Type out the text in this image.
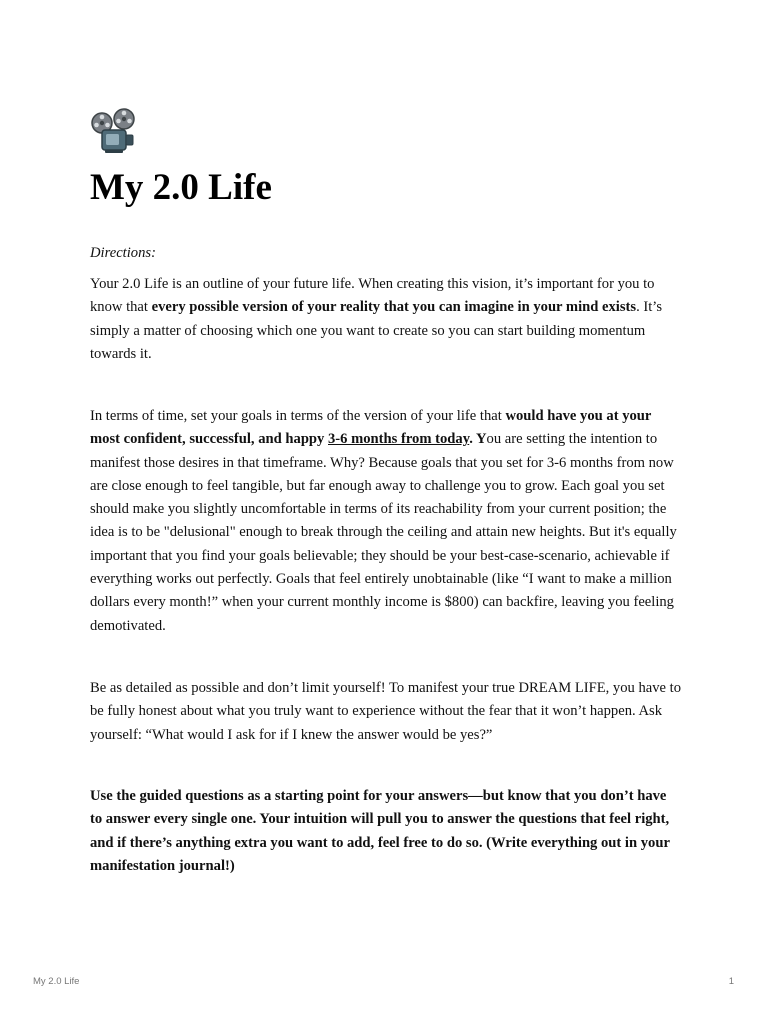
My 2.0 Life
Directions:

Your 2.0 Life is an outline of your future life. When creating this vision, it’s important for you to know that every possible version of your reality that you can imagine in your mind exists. It’s simply a matter of choosing which one you want to create so you can start building momentum towards it.

In terms of time, set your goals in terms of the version of your life that would have you at your most confident, successful, and happy 3-6 months from today. You are setting the intention to manifest those desires in that timeframe. Why? Because goals that you set for 3-6 months from now are close enough to feel tangible, but far enough away to challenge you to grow. Each goal you set should make you slightly uncomfortable in terms of its reachability from your current position; the idea is to be "delusional" enough to break through the ceiling and attain new heights. But it's equally important that you find your goals believable; they should be your best-case-scenario, achievable if everything works out perfectly. Goals that feel entirely unobtainable (like “I want to make a million dollars every month!” when your current monthly income is $800) can backfire, leaving you feeling demotivated.

Be as detailed as possible and don’t limit yourself! To manifest your true DREAM LIFE, you have to be fully honest about what you truly want to experience without the fear that it won’t happen. Ask yourself: “What would I ask for if I knew the answer would be yes?”

Use the guided questions as a starting point for your answers—but know that you don’t have to answer every single one. Your intuition will pull you to answer the questions that feel right, and if there’s anything extra you want to add, feel free to do so. (Write everything out in your manifestation journal!)

My 2.0 Life	1
